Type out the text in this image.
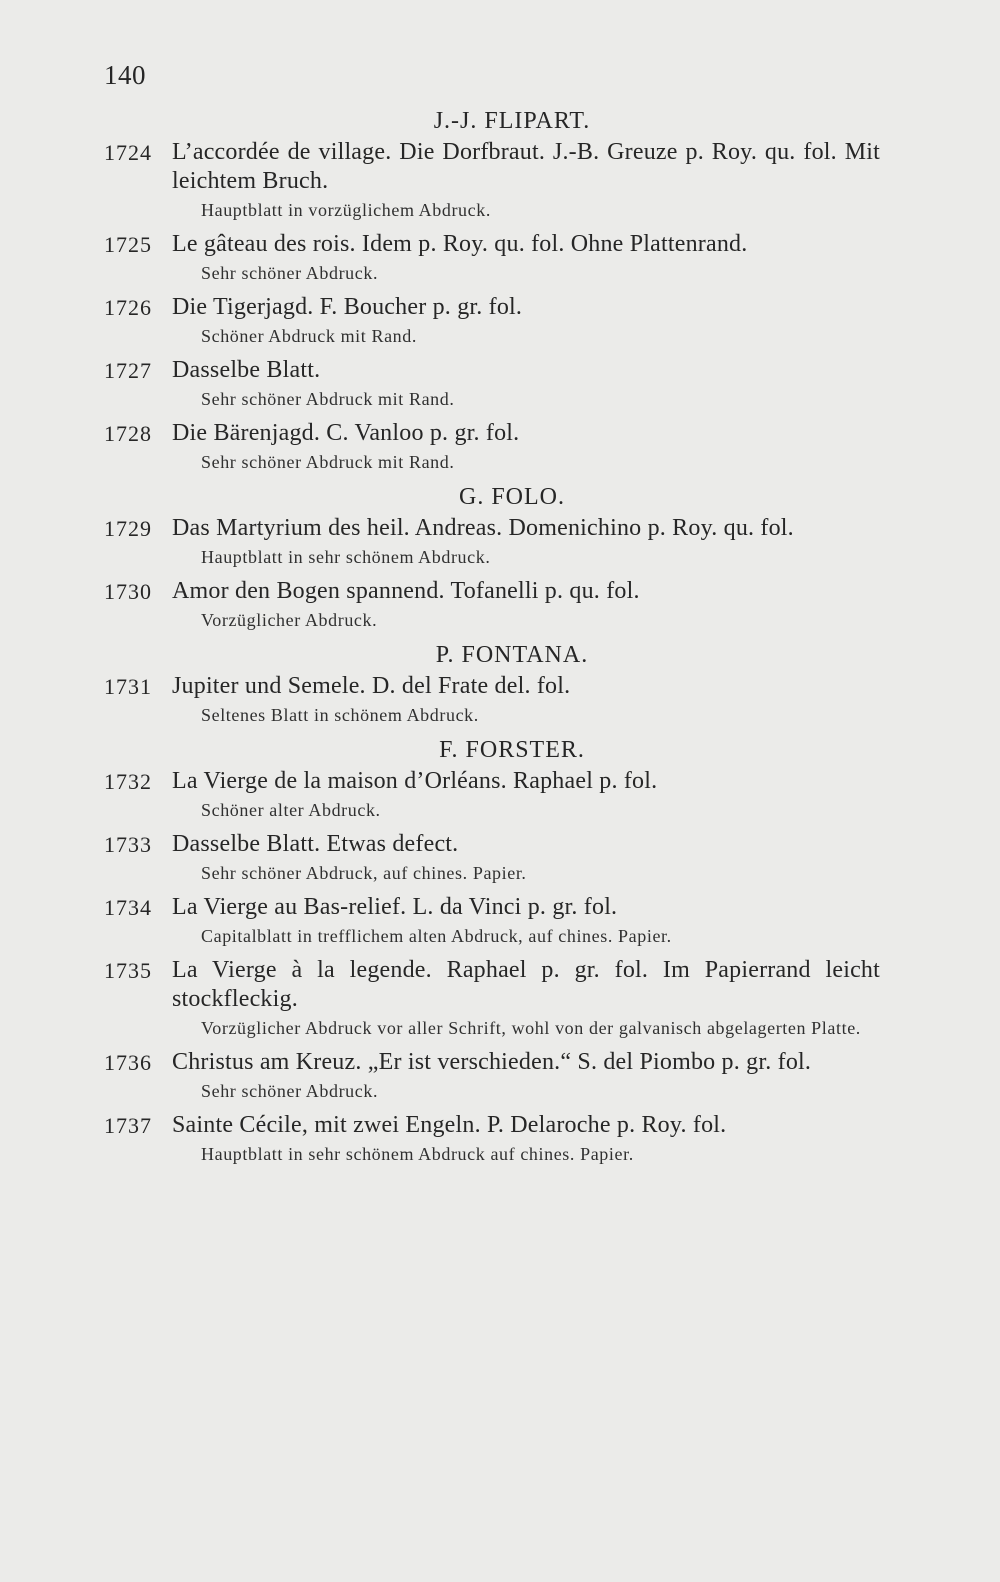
140
J.-J. FLIPART.
1724 L’accordée de village. Die Dorfbraut. J.-B. Greuze p. Roy. qu. fol. Mit leichtem Bruch.
Hauptblatt in vorzüglichem Abdruck.
1725 Le gâteau des rois. Idem p. Roy. qu. fol. Ohne Plattenrand.
Sehr schöner Abdruck.
1726 Die Tigerjagd. F. Boucher p. gr. fol.
Schöner Abdruck mit Rand.
1727 Dasselbe Blatt.
Sehr schöner Abdruck mit Rand.
1728 Die Bärenjagd. C. Vanloo p. gr. fol.
Sehr schöner Abdruck mit Rand.
G. FOLO.
1729 Das Martyrium des heil. Andreas. Domenichino p. Roy. qu. fol.
Hauptblatt in sehr schönem Abdruck.
1730 Amor den Bogen spannend. Tofanelli p. qu. fol.
Vorzüglicher Abdruck.
P. FONTANA.
1731 Jupiter und Semele. D. del Frate del. fol.
Seltenes Blatt in schönem Abdruck.
F. FORSTER.
1732 La Vierge de la maison d’Orléans. Raphael p. fol.
Schöner alter Abdruck.
1733 Dasselbe Blatt. Etwas defect.
Sehr schöner Abdruck, auf chines. Papier.
1734 La Vierge au Bas-relief. L. da Vinci p. gr. fol.
Capitalblatt in trefflichem alten Abdruck, auf chines. Papier.
1735 La Vierge à la legende. Raphael p. gr. fol. Im Papierrand leicht stockfleckig.
Vorzüglicher Abdruck vor aller Schrift, wohl von der galvanisch abgelagerten Platte.
1736 Christus am Kreuz. „Er ist verschieden.“ S. del Piombo p. gr. fol.
Sehr schöner Abdruck.
1737 Sainte Cécile, mit zwei Engeln. P. Delaroche p. Roy. fol.
Hauptblatt in sehr schönem Abdruck auf chines. Papier.
